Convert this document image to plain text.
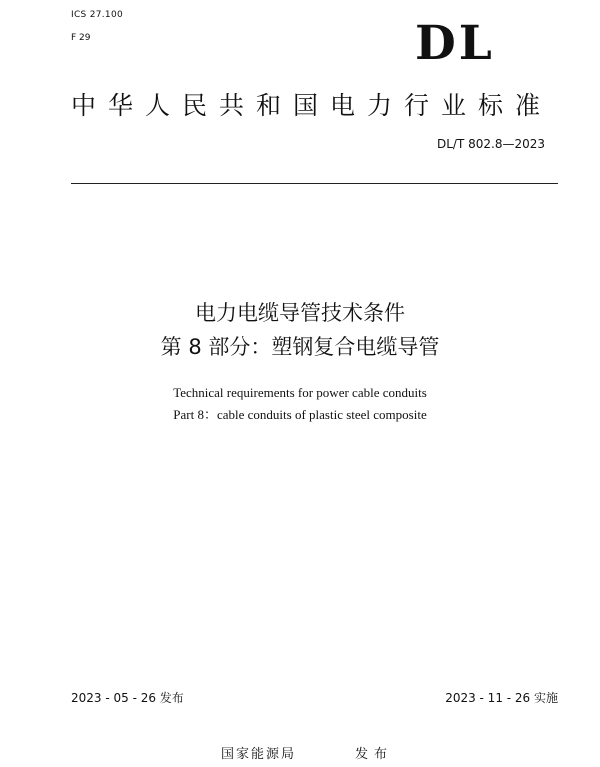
ICS 27.100
F 29	DL
中华人民共和国电力行业标准
DL/T 802.8—2023
电力电缆导管技术条件
第 8 部分：塑钢复合电缆导管
Technical requirements for power cable conduits
Part 8：cable conduits of plastic steel composite
2023 - 05 - 26 发布	2023 - 11 - 26 实施
国家能源局	发布
